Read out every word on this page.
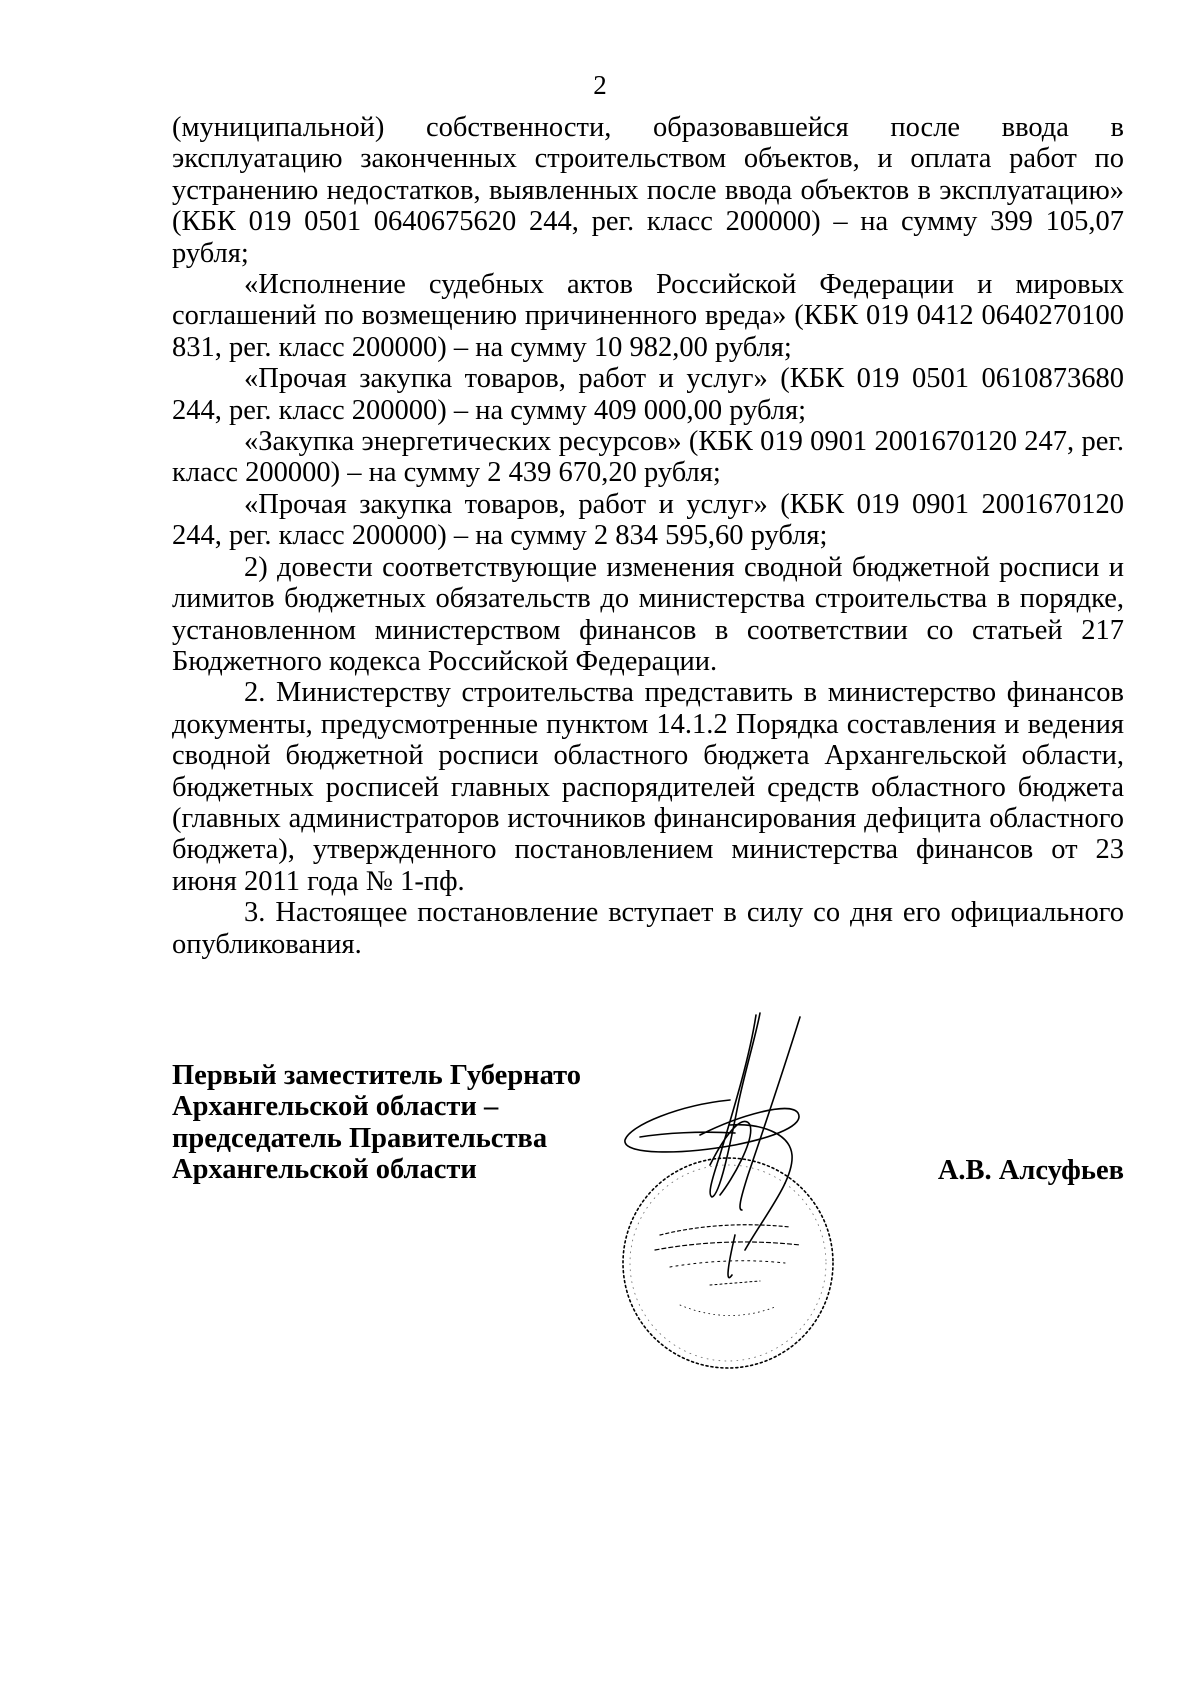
2

(муниципальной) собственности, образовавшейся после ввода в эксплуатацию законченных строительством объектов, и оплата работ по устранению недостатков, выявленных после ввода объектов в эксплуатацию» (КБК 019 0501 0640675620 244, рег. класс 200000) – на сумму 399 105,07 рубля;

«Исполнение судебных актов Российской Федерации и мировых соглашений по возмещению причиненного вреда» (КБК 019 0412 0640270100 831, рег. класс 200000) – на сумму 10 982,00 рубля;

«Прочая закупка товаров, работ и услуг» (КБК 019 0501 0610873680 244, рег. класс 200000) – на сумму 409 000,00 рубля;

«Закупка энергетических ресурсов» (КБК 019 0901 2001670120 247, рег. класс 200000) – на сумму 2 439 670,20 рубля;

«Прочая закупка товаров, работ и услуг» (КБК 019 0901 2001670120 244, рег. класс 200000) – на сумму 2 834 595,60 рубля;

2) довести соответствующие изменения сводной бюджетной росписи и лимитов бюджетных обязательств до министерства строительства в порядке, установленном министерством финансов в соответствии со статьей 217 Бюджетного кодекса Российской Федерации.

2. Министерству строительства представить в министерство финансов документы, предусмотренные пунктом 14.1.2 Порядка составления и ведения сводной бюджетной росписи областного бюджета Архангельской области, бюджетных росписей главных распорядителей средств областного бюджета (главных администраторов источников финансирования дефицита областного бюджета), утвержденного постановлением министерства финансов от 23 июня 2011 года № 1-пф.

3. Настоящее постановление вступает в силу со дня его официального опубликования.

Первый заместитель Губернато
Архангельской области –
председатель Правительства
Архангельской области	А.В. Алсуфьев
